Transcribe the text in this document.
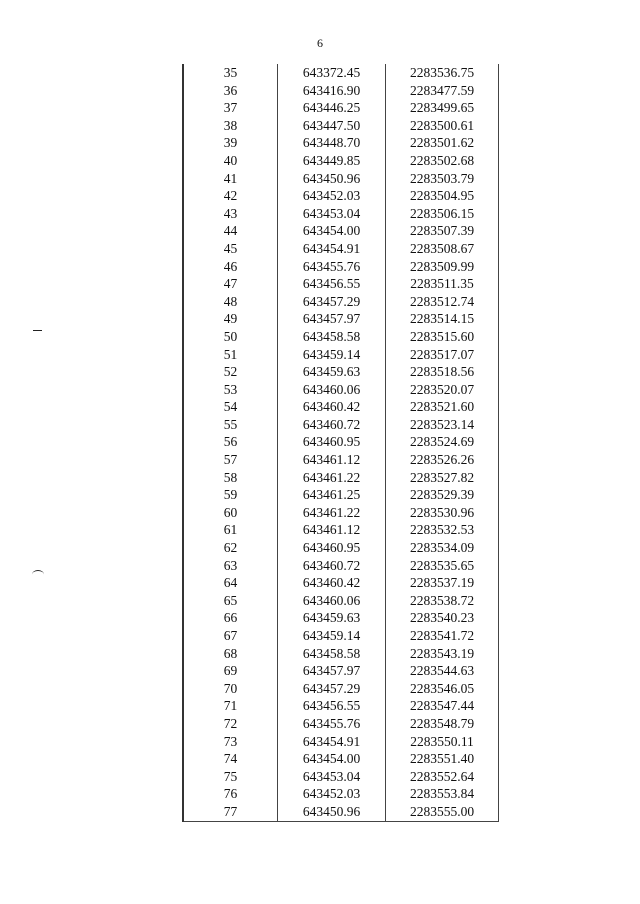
6
35	643372.45	2283536.75
36	643416.90	2283477.59
37	643446.25	2283499.65
38	643447.50	2283500.61
39	643448.70	2283501.62
40	643449.85	2283502.68
41	643450.96	2283503.79
42	643452.03	2283504.95
43	643453.04	2283506.15
44	643454.00	2283507.39
45	643454.91	2283508.67
46	643455.76	2283509.99
47	643456.55	2283511.35
48	643457.29	2283512.74
49	643457.97	2283514.15
50	643458.58	2283515.60
51	643459.14	2283517.07
52	643459.63	2283518.56
53	643460.06	2283520.07
54	643460.42	2283521.60
55	643460.72	2283523.14
56	643460.95	2283524.69
57	643461.12	2283526.26
58	643461.22	2283527.82
59	643461.25	2283529.39
60	643461.22	2283530.96
61	643461.12	2283532.53
62	643460.95	2283534.09
63	643460.72	2283535.65
64	643460.42	2283537.19
65	643460.06	2283538.72
66	643459.63	2283540.23
67	643459.14	2283541.72
68	643458.58	2283543.19
69	643457.97	2283544.63
70	643457.29	2283546.05
71	643456.55	2283547.44
72	643455.76	2283548.79
73	643454.91	2283550.11
74	643454.00	2283551.40
75	643453.04	2283552.64
76	643452.03	2283553.84
77	643450.96	2283555.00
